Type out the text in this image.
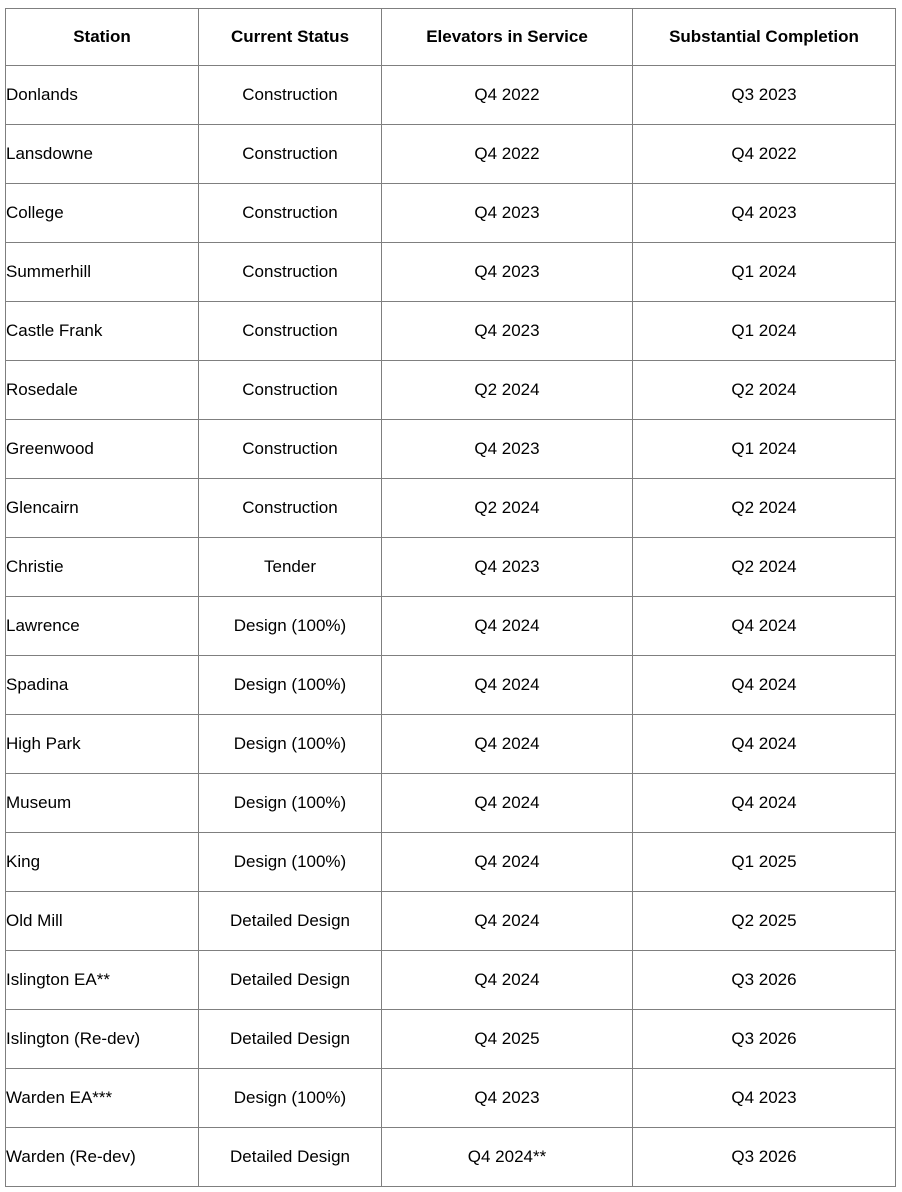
Station	Current Status	Elevators in Service	Substantial Completion
Donlands	Construction	Q4 2022	Q3 2023
Lansdowne	Construction	Q4 2022	Q4 2022
College	Construction	Q4 2023	Q4 2023
Summerhill	Construction	Q4 2023	Q1 2024
Castle Frank	Construction	Q4 2023	Q1 2024
Rosedale	Construction	Q2 2024	Q2 2024
Greenwood	Construction	Q4 2023	Q1 2024
Glencairn	Construction	Q2 2024	Q2 2024
Christie	Tender	Q4 2023	Q2 2024
Lawrence	Design (100%)	Q4 2024	Q4 2024
Spadina	Design (100%)	Q4 2024	Q4 2024
High Park	Design (100%)	Q4 2024	Q4 2024
Museum	Design (100%)	Q4 2024	Q4 2024
King	Design (100%)	Q4 2024	Q1 2025
Old Mill	Detailed Design	Q4 2024	Q2 2025
Islington EA**	Detailed Design	Q4 2024	Q3 2026
Islington (Re-dev)	Detailed Design	Q4 2025	Q3 2026
Warden EA***	Design (100%)	Q4 2023	Q4 2023
Warden (Re-dev)	Detailed Design	Q4 2024**	Q3 2026
